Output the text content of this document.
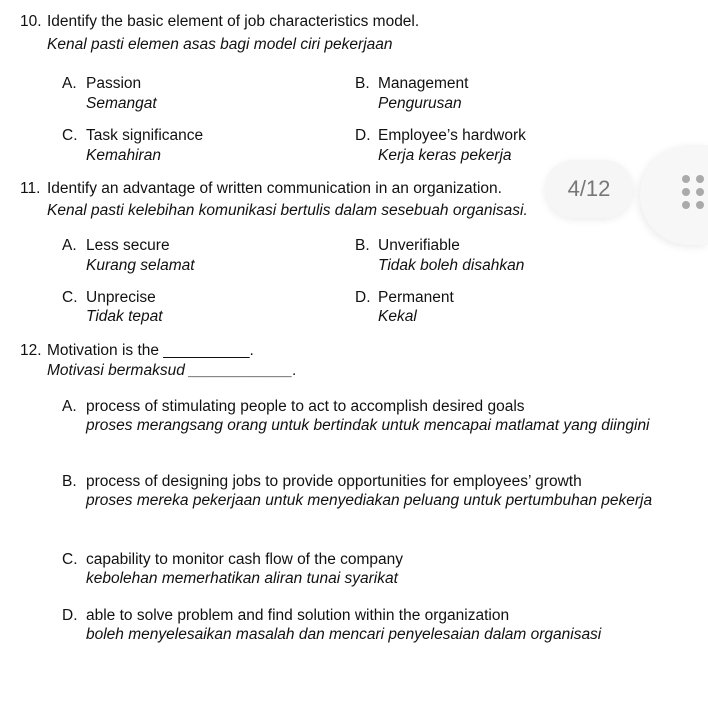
10. Identify the basic element of job characteristics model.
Kenal pasti elemen asas bagi model ciri pekerjaan
A. Passion
Semangat
B. Management
Pengurusan
C. Task significance
Kemahiran
D. Employee’s hardwork
Kerja keras pekerja
11. Identify an advantage of written communication in an organization.
Kenal pasti kelebihan komunikasi bertulis dalam sesebuah organisasi.
A. Less secure
Kurang selamat
B. Unverifiable
Tidak boleh disahkan
C. Unprecise
Tidak tepat
D. Permanent
Kekal
12. Motivation is the __________.
Motivasi bermaksud ____________.
A. process of stimulating people to act to accomplish desired goals
proses merangsang orang untuk bertindak untuk mencapai matlamat yang diingini
B. process of designing jobs to provide opportunities for employees’ growth
proses mereka pekerjaan untuk menyediakan peluang untuk pertumbuhan pekerja
C. capability to monitor cash flow of the company
kebolehan memerhatikan aliran tunai syarikat
D. able to solve problem and find solution within the organization
boleh menyelesaikan masalah dan mencari penyelesaian dalam organisasi
4/12
